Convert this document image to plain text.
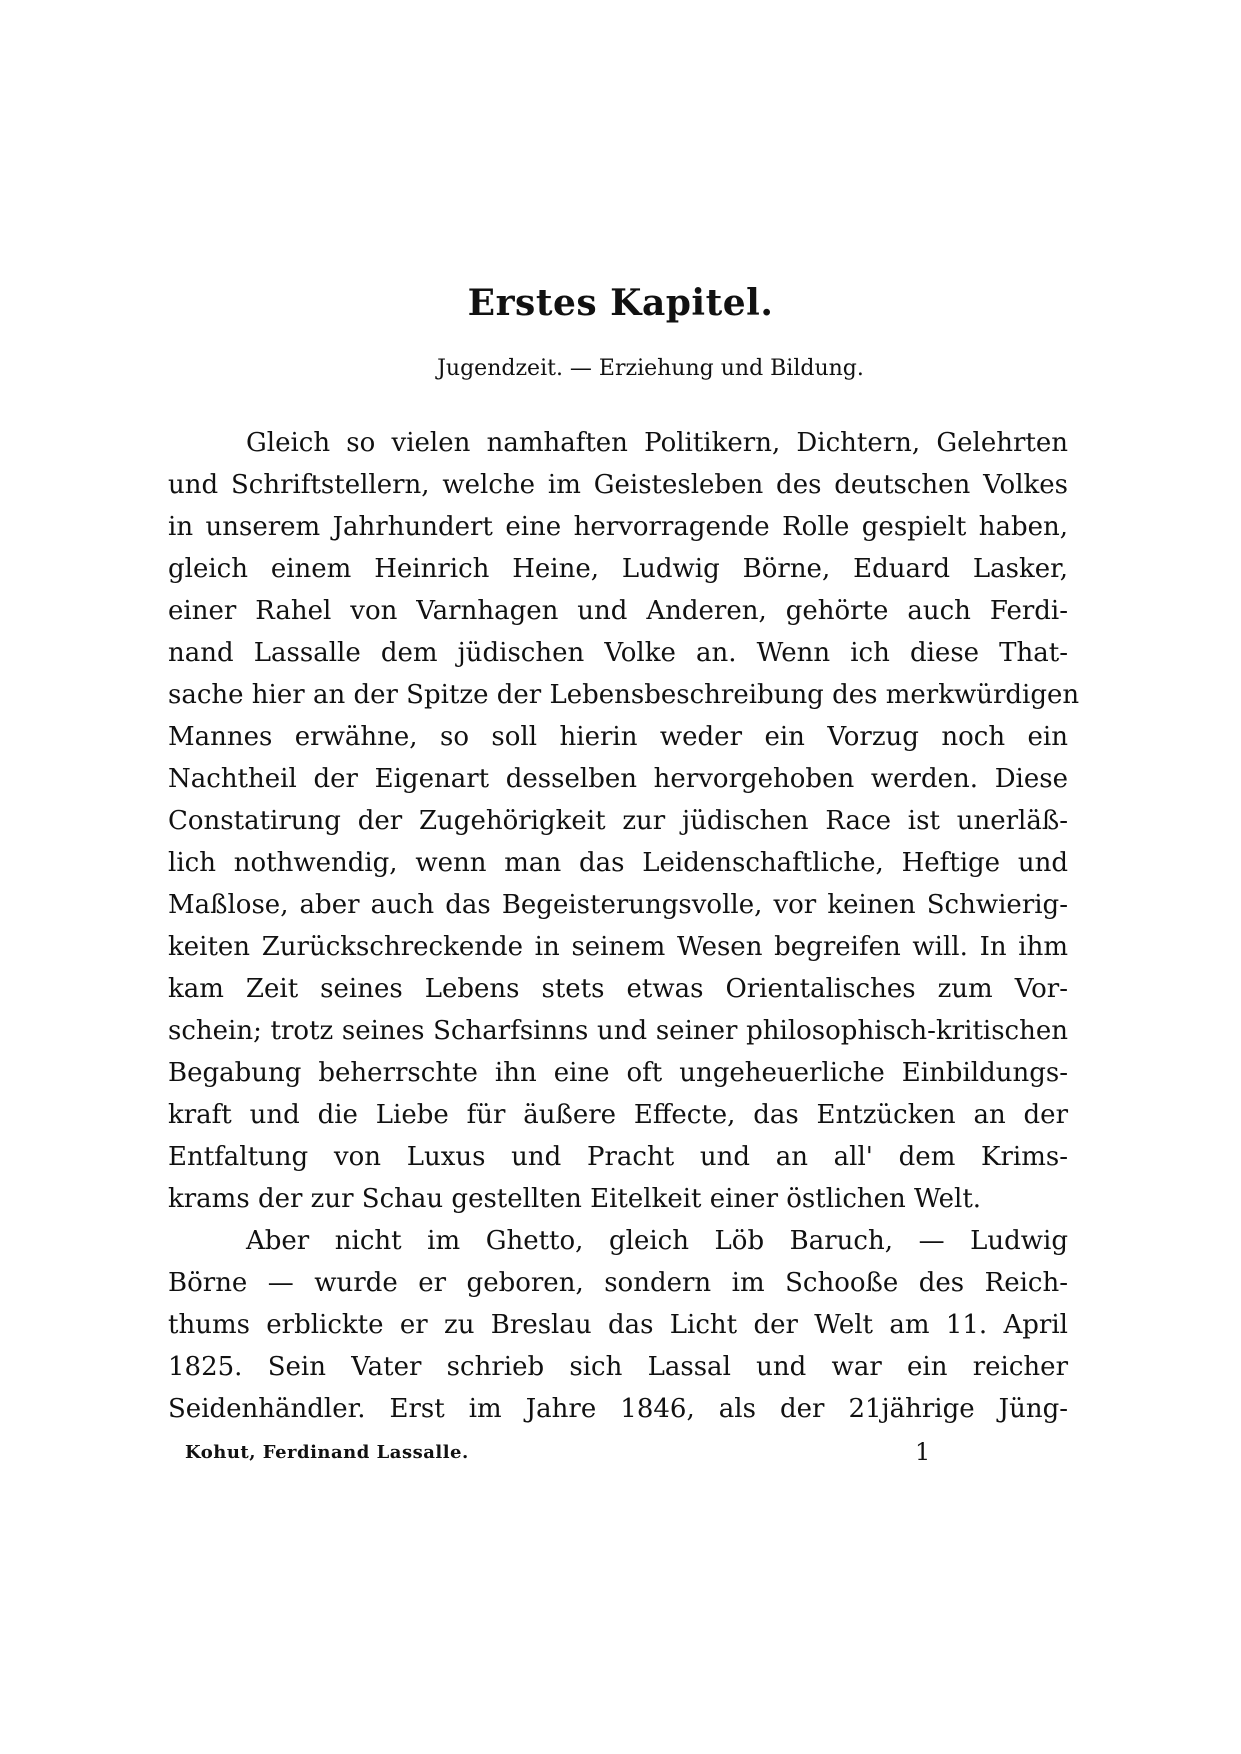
Erstes Kapitel.
Jugendzeit. — Erziehung und Bildung.
Gleich so vielen namhaften Politikern, Dichtern, Gelehrten
und Schriftstellern, welche im Geistesleben des deutschen Volkes
in unserem Jahrhundert eine hervorragende Rolle gespielt haben,
gleich einem Heinrich Heine, Ludwig Börne, Eduard Lasker,
einer Rahel von Varnhagen und Anderen, gehörte auch Ferdi-
nand Lassalle dem jüdischen Volke an. Wenn ich diese That-
sache hier an der Spitze der Lebensbeschreibung des merkwürdigen
Mannes erwähne, so soll hierin weder ein Vorzug noch ein
Nachtheil der Eigenart desselben hervorgehoben werden. Diese
Constatirung der Zugehörigkeit zur jüdischen Race ist unerläß-
lich nothwendig, wenn man das Leidenschaftliche, Heftige und
Maßlose, aber auch das Begeisterungsvolle, vor keinen Schwierig-
keiten Zurückschreckende in seinem Wesen begreifen will. In ihm
kam Zeit seines Lebens stets etwas Orientalisches zum Vor-
schein; trotz seines Scharfsinns und seiner philosophisch-kritischen
Begabung beherrschte ihn eine oft ungeheuerliche Einbildungs-
kraft und die Liebe für äußere Effecte, das Entzücken an der
Entfaltung von Luxus und Pracht und an all' dem Krims-
krams der zur Schau gestellten Eitelkeit einer östlichen Welt.
Aber nicht im Ghetto, gleich Löb Baruch, — Ludwig
Börne — wurde er geboren, sondern im Schooße des Reich-
thums erblickte er zu Breslau das Licht der Welt am 11. April
1825. Sein Vater schrieb sich Lassal und war ein reicher
Seidenhändler. Erst im Jahre 1846, als der 21jährige Jüng-
Kohut, Ferdinand Lassalle.	1
